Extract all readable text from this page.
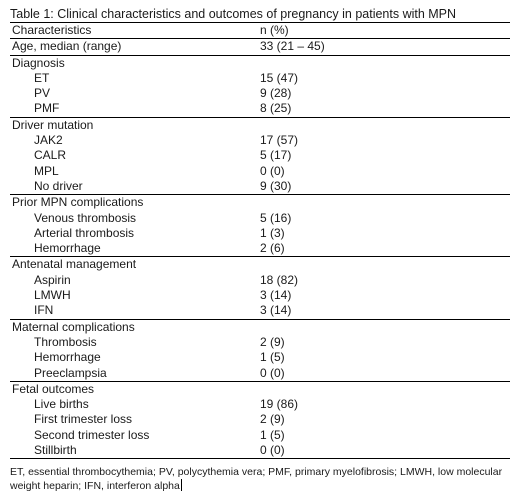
Table 1: Clinical characteristics and outcomes of pregnancy in patients with MPN
Characteristics	n (%)
Age, median (range)	33 (21 – 45)
Diagnosis	
ET	15 (47)
PV	9 (28)
PMF	8 (25)
Driver mutation	
JAK2	17 (57)
CALR	5 (17)
MPL	0 (0)
No driver	9 (30)
Prior MPN complications	
Venous thrombosis	5 (16)
Arterial thrombosis	1 (3)
Hemorrhage	2 (6)
Antenatal management	
Aspirin	18 (82)
LMWH	3 (14)
IFN	3 (14)
Maternal complications	
Thrombosis	2 (9)
Hemorrhage	1 (5)
Preeclampsia	0 (0)
Fetal outcomes	
Live births	19 (86)
First trimester loss	2 (9)
Second trimester loss	1 (5)
Stillbirth	0 (0)
ET, essential thrombocythemia; PV, polycythemia vera; PMF, primary myelofibrosis; LMWH, low molecular weight heparin; IFN, interferon alpha
